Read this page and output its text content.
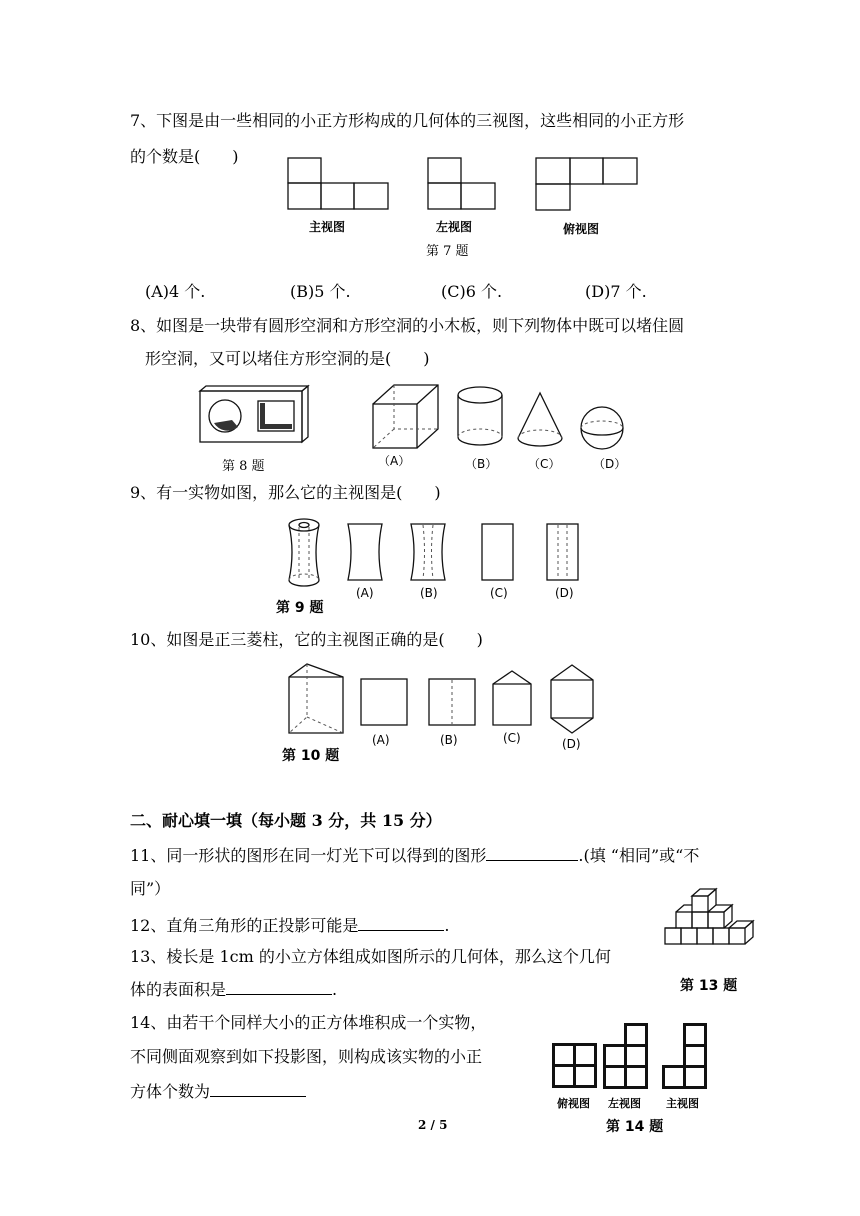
7、下图是由一些相同的小正方形构成的几何体的三视图，这些相同的小正方形
的个数是(　　)
主视图	左视图	俯视图
第 7 题
(A)4 个.	(B)5 个.	(C)6 个.	(D)7 个.
8、如图是一块带有圆形空洞和方形空洞的小木板，则下列物体中既可以堵住圆
形空洞，又可以堵住方形空洞的是(　　)
第 8 题	（A）	（B）	（C）	（D）
9、有一实物如图，那么它的主视图是(　　)
第 9 题
(A)	(B)	(C)	(D)
10、如图是正三菱柱，它的主视图正确的是(　　)
第 10 题
(A)	(B)	(C)	(D)
二、耐心填一填（每小题 3 分，共 15 分）
11、同一形状的图形在同一灯光下可以得到的图形	.(填 “相同”或“不
同”）
12、直角三角形的正投影可能是	.
13、棱长是 1cm 的小立方体组成如图所示的几何体，那么这个几何
体的表面积是	.	第 13 题
14、由若干个同样大小的正方体堆积成一个实物，
不同侧面观察到如下投影图，则构成该实物的小正
方体个数为
俯视图 左视图 主视图
第 14 题
2 / 5
